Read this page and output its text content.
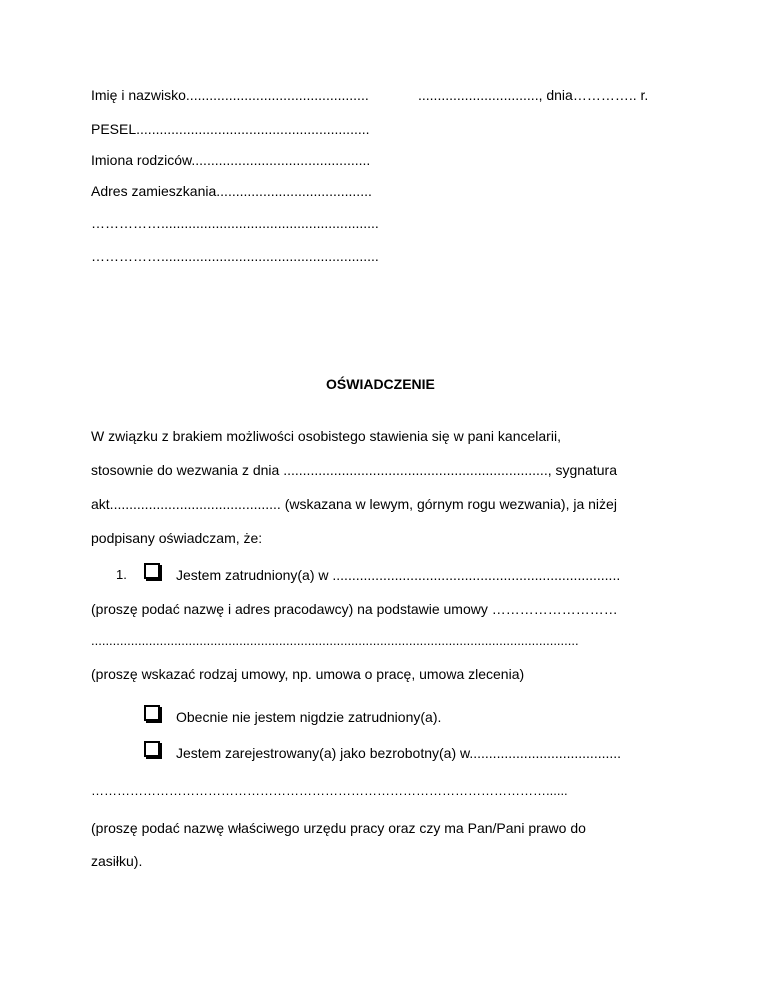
Imię i nazwisko...............................................	..............................., dnia………….. r.
PESEL............................................................
Imiona rodziców..............................................
Adres zamieszkania........................................
……………........................................................
……………........................................................
OŚWIADCZENIE
W związku z brakiem możliwości osobistego stawienia się w pani kancelarii,
stosownie do wezwania z dnia ...................................................................., sygnatura
akt............................................ (wskazana w lewym, górnym rogu wezwania), ja niżej
podpisany oświadczam, że:
1.	Jestem zatrudniony(a) w ..........................................................................
(proszę podać nazwę i adres pracodawcy) na podstawie umowy ………………………
.......................................................................................................................................
(proszę wskazać rodzaj umowy, np. umowa o pracę, umowa zlecenia)
Obecnie nie jestem nigdzie zatrudniony(a).
Jestem zarejestrowany(a) jako bezrobotny(a) w.......................................
……………………………………………………………………………………………......
(proszę podać nazwę właściwego urzędu pracy oraz czy ma Pan/Pani prawo do
zasiłku).
